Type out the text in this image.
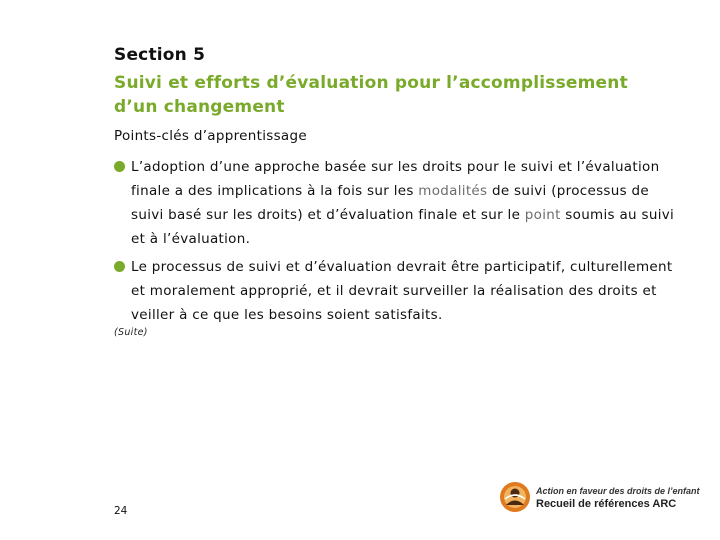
Section 5
Suivi et efforts d’évaluation pour l’accomplissement d’un changement
Points-clés d’apprentissage
L’adoption d’une approche basée sur les droits pour le suivi et l’évaluation finale a des implications à la fois sur les modalités de suivi (processus de suivi basé sur les droits) et d’évaluation finale et sur le point soumis au suivi et à l’évaluation.
Le processus de suivi et d’évaluation devrait être participatif, culturellement et moralement approprié, et il devrait surveiller la réalisation des droits et veiller à ce que les besoins soient satisfaits.
(Suite)
24
Action en faveur des droits de l’enfant
Recueil de références ARC
